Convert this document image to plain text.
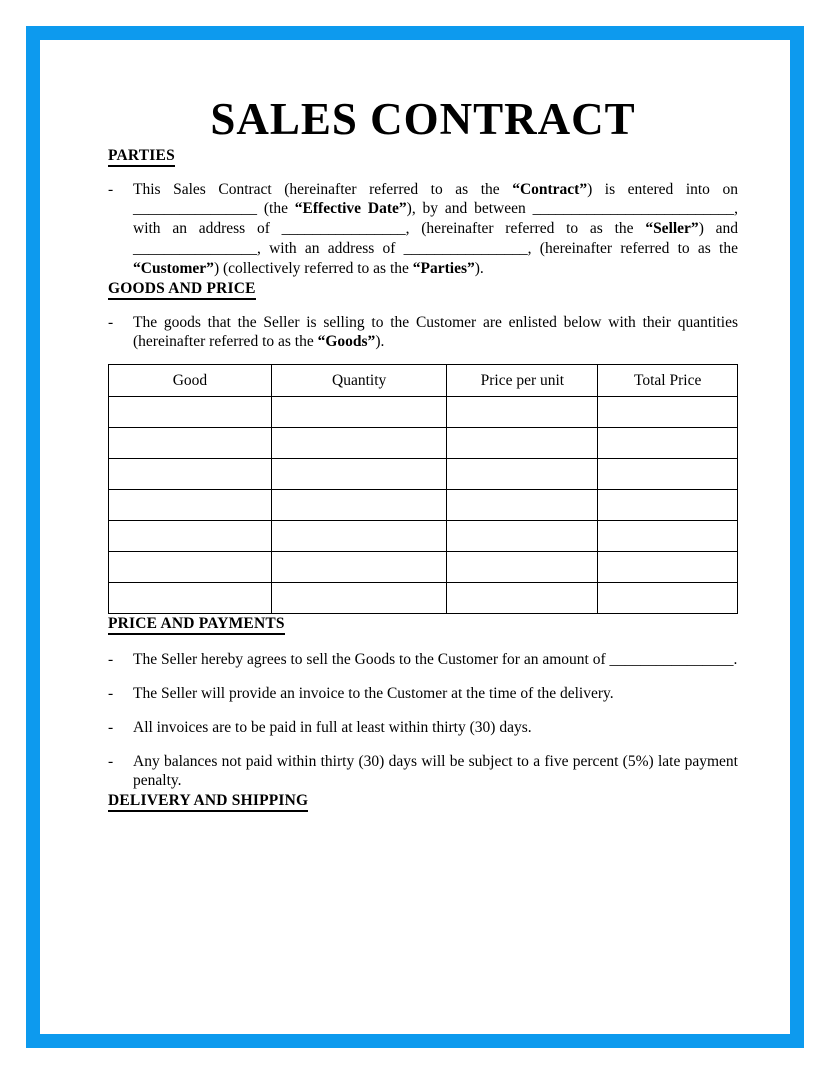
SALES CONTRACT
PARTIES
-	This Sales Contract (hereinafter referred to as the “Contract”) is entered into on ________________ (the “Effective Date”), by and between __________________________, with an address of ________________, (hereinafter referred to as the “Seller”) and ________________, with an address of ________________, (hereinafter referred to as the “Customer”) (collectively referred to as the “Parties”).
GOODS AND PRICE
-	The goods that the Seller is selling to the Customer are enlisted below with their quantities (hereinafter referred to as the “Goods”).
Good	Quantity	Price per unit	Total Price

PRICE AND PAYMENTS
-	The Seller hereby agrees to sell the Goods to the Customer for an amount of ________________.
-	The Seller will provide an invoice to the Customer at the time of the delivery.
-	All invoices are to be paid in full at least within thirty (30) days.
-	Any balances not paid within thirty (30) days will be subject to a five percent (5%) late payment penalty.
DELIVERY AND SHIPPING
